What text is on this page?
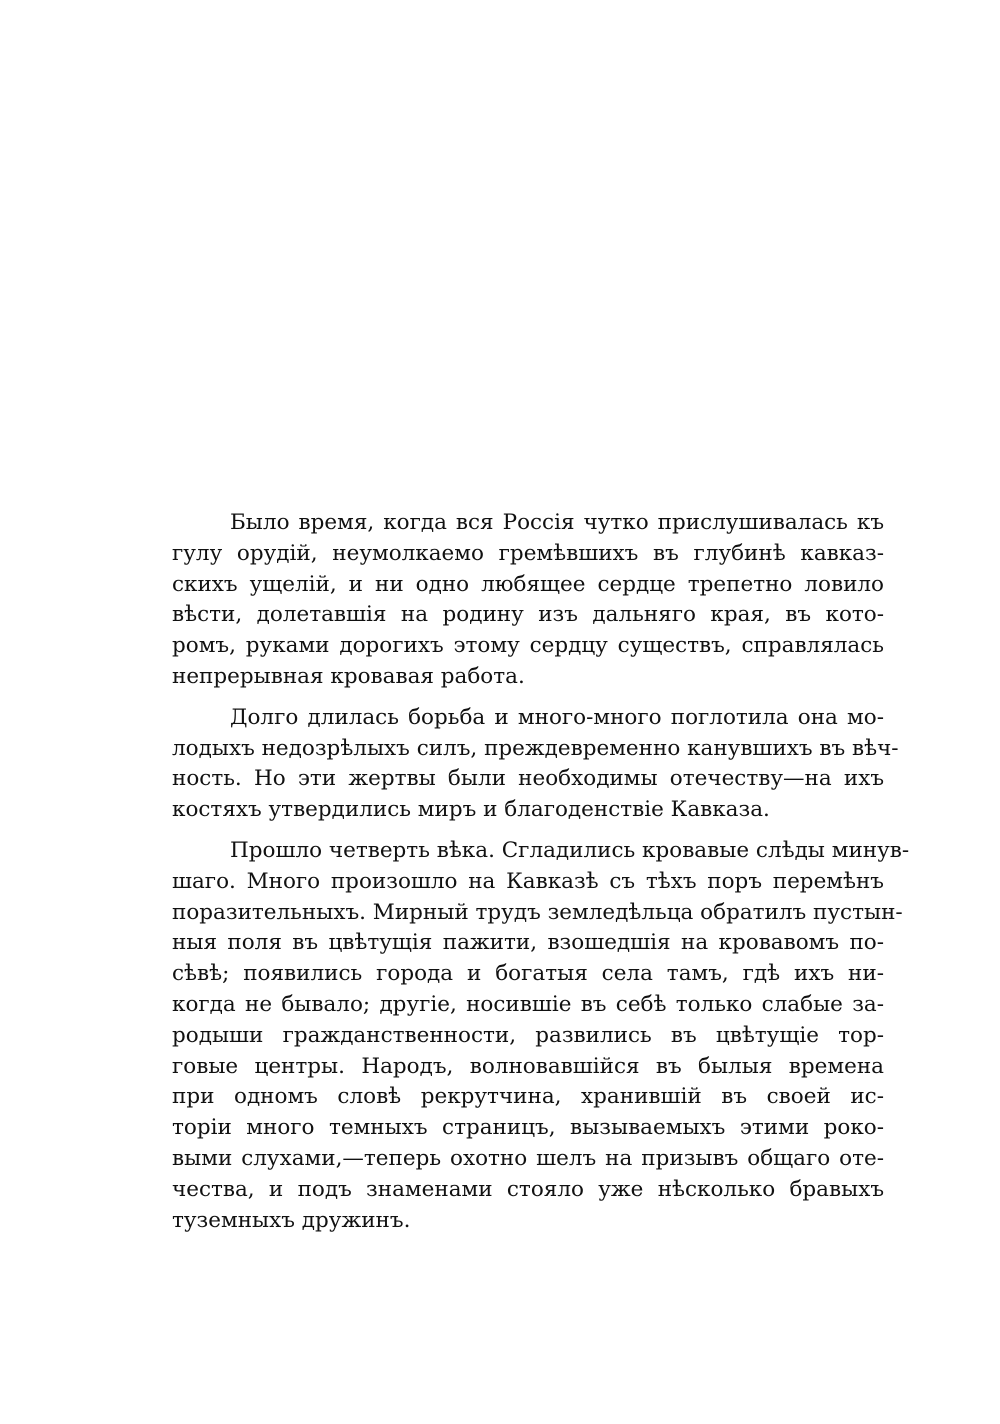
Было время, когда вся Россія чутко прислушивалась къ
гулу орудій, неумолкаемо гремѣвшихъ въ глубинѣ кавказ-
скихъ ущелій, и ни одно любящее сердце трепетно ловило
вѣсти, долетавшія на родину изъ дальняго края, въ кото-
ромъ, руками дорогихъ этому сердцу существъ, справлялась
непрерывная кровавая работа.

Долго длилась борьба и много-много поглотила она мо-
лодыхъ недозрѣлыхъ силъ, преждевременно канувшихъ въ вѣч-
ность. Но эти жертвы были необходимы отечеству—на ихъ
костяхъ утвердились миръ и благоденствіе Кавказа.

Прошло четверть вѣка. Сгладились кровавые слѣды минув-
шаго. Много произошло на Кавказѣ съ тѣхъ поръ перемѣнъ
поразительныхъ. Мирный трудъ земледѣльца обратилъ пустын-
ныя поля въ цвѣтущія пажити, взошедшія на кровавомъ по-
сѣвѣ; появились города и богатыя села тамъ, гдѣ ихъ ни-
когда не бывало; другіе, носившіе въ себѣ только слабые за-
родыши гражданственности, развились въ цвѣтущіе тор-
говые центры. Народъ, волновавшійся въ былыя времена
при одномъ словѣ рекрутчина, хранившій въ своей ис-
торіи много темныхъ страницъ, вызываемыхъ этими роко-
выми слухами,—теперь охотно шелъ на призывъ общаго оте-
чества, и подъ знаменами стояло уже нѣсколько бравыхъ
туземныхъ дружинъ.
